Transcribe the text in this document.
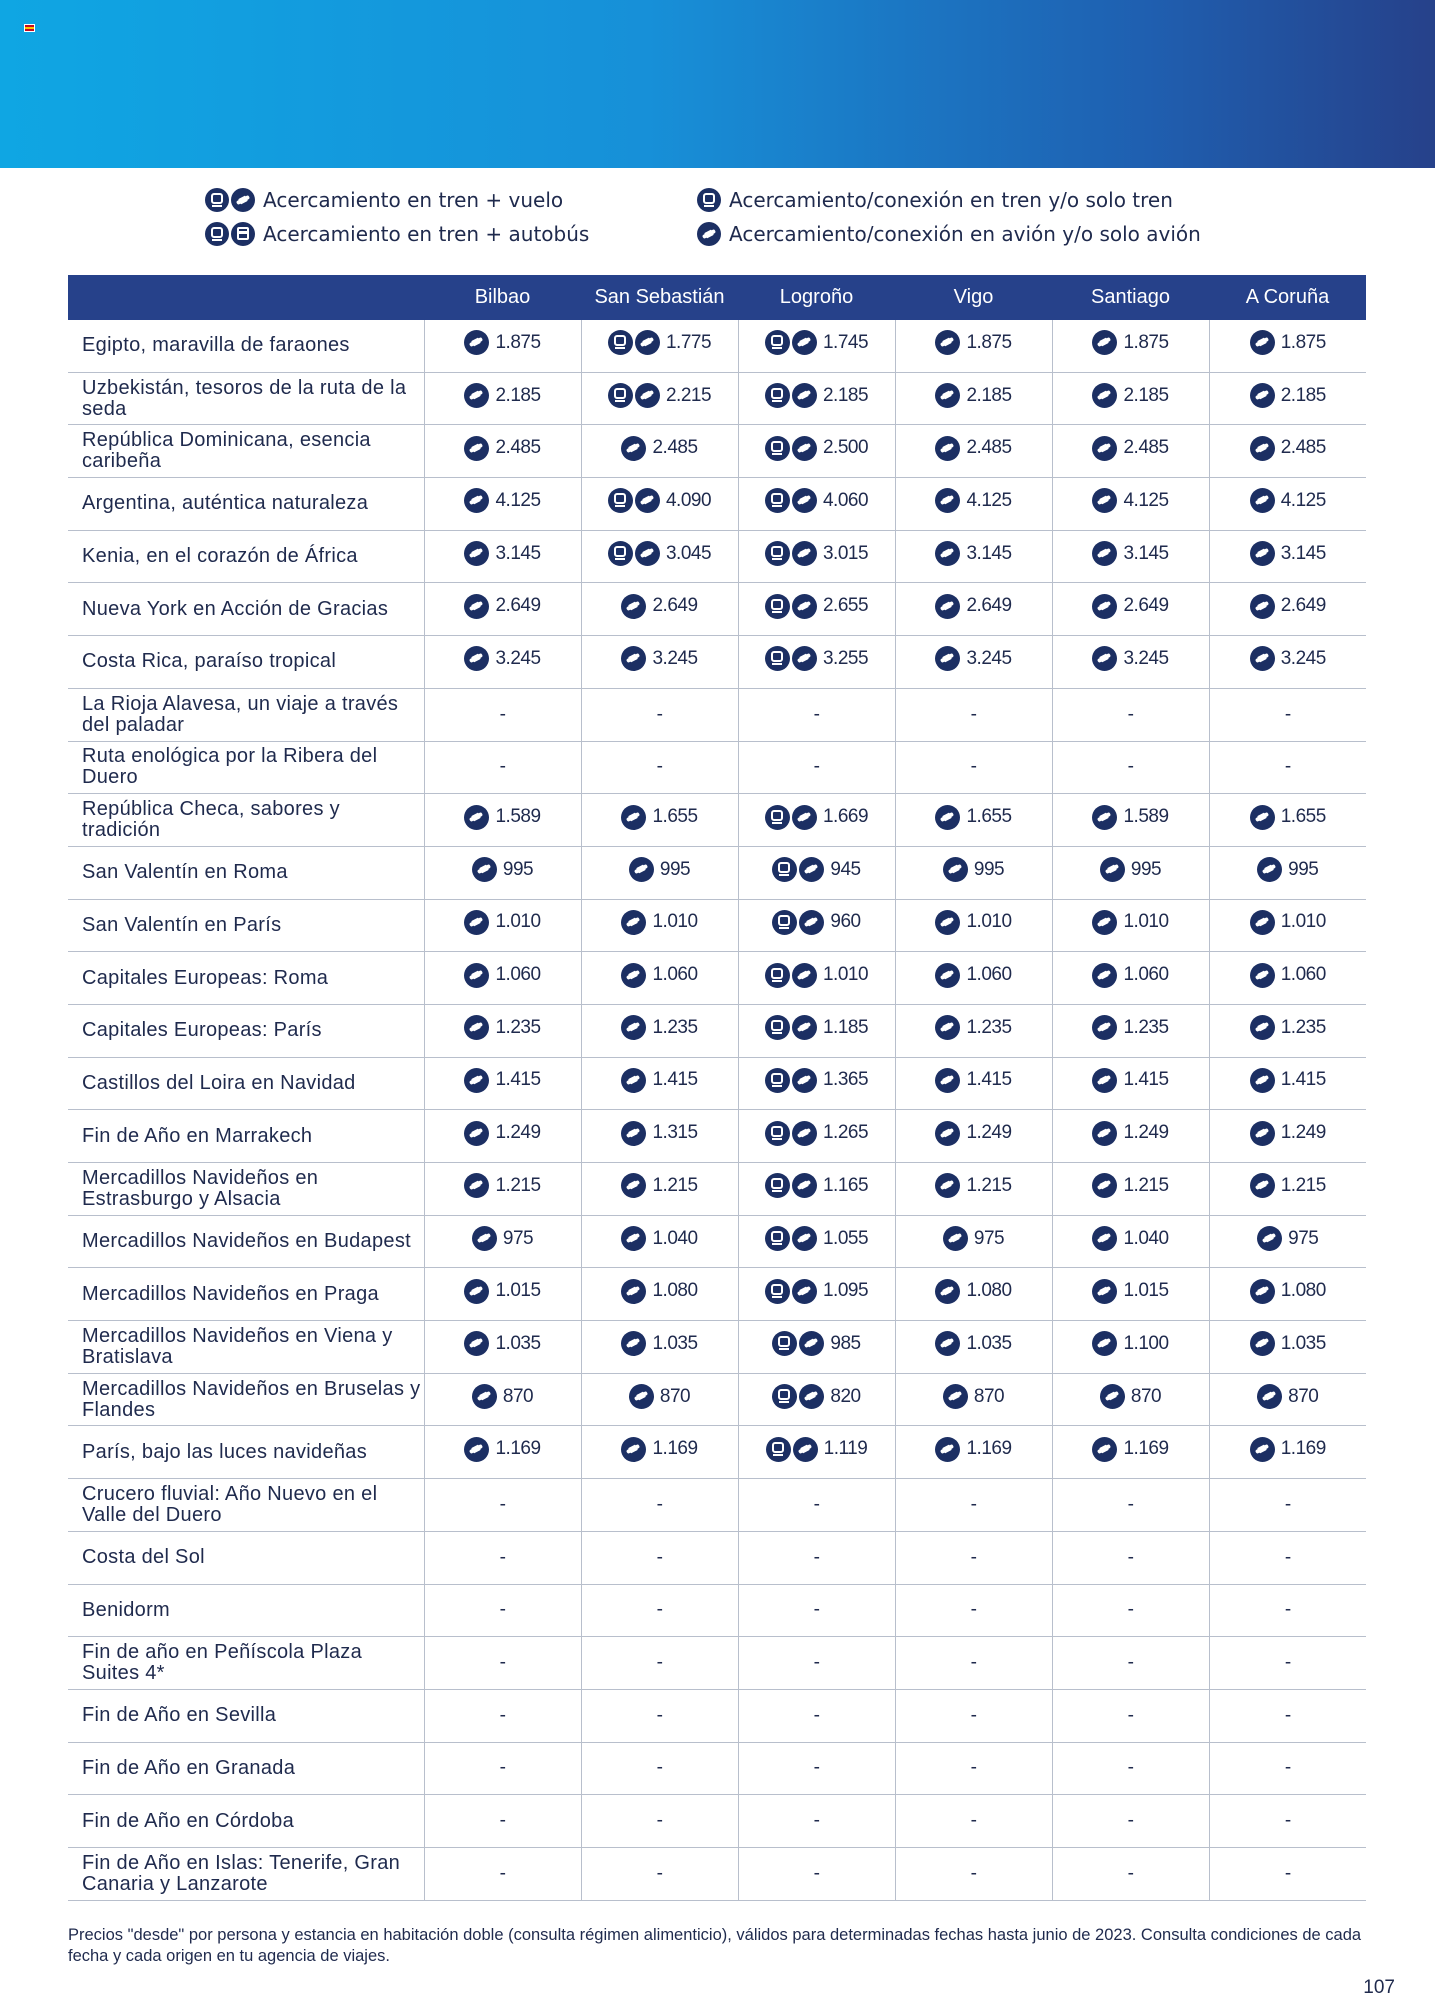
Acercamiento en tren + vuelo
Acercamiento en tren + autobús
Acercamiento/conexión en tren y/o solo tren
Acercamiento/conexión en avión y/o solo avión
	Bilbao	San Sebastián	Logroño	Vigo	Santiago	A Coruña
Egipto, maravilla de faraones	1.875	1.775	1.745	1.875	1.875	1.875

Uzbekistán, tesoros de la ruta de la seda	2.185	2.215	2.185	2.185	2.185	2.185

República Dominicana, esencia caribeña	2.485	2.485	2.500	2.485	2.485	2.485

Argentina, auténtica naturaleza	4.125	4.090	4.060	4.125	4.125	4.125

Kenia, en el corazón de África	3.145	3.045	3.015	3.145	3.145	3.145

Nueva York en Acción de Gracias	2.649	2.649	2.655	2.649	2.649	2.649

Costa Rica, paraíso tropical	3.245	3.245	3.255	3.245	3.245	3.245

La Rioja Alavesa, un viaje a través del paladar	-	-	-	-	-	-

Ruta enológica por la Ribera del Duero	-	-	-	-	-	-

República Checa, sabores y tradición	1.589	1.655	1.669	1.655	1.589	1.655

San Valentín en Roma	995	995	945	995	995	995

San Valentín en París	1.010	1.010	960	1.010	1.010	1.010

Capitales Europeas: Roma	1.060	1.060	1.010	1.060	1.060	1.060

Capitales Europeas: París	1.235	1.235	1.185	1.235	1.235	1.235

Castillos del Loira en Navidad	1.415	1.415	1.365	1.415	1.415	1.415

Fin de Año en Marrakech	1.249	1.315	1.265	1.249	1.249	1.249

Mercadillos Navideños en Estrasburgo y Alsacia	1.215	1.215	1.165	1.215	1.215	1.215

Mercadillos Navideños en Budapest	975	1.040	1.055	975	1.040	975

Mercadillos Navideños en Praga	1.015	1.080	1.095	1.080	1.015	1.080

Mercadillos Navideños en Viena y Bratislava	1.035	1.035	985	1.035	1.100	1.035

Mercadillos Navideños en Bruselas y Flandes	870	870	820	870	870	870

París, bajo las luces navideñas	1.169	1.169	1.119	1.169	1.169	1.169

Crucero fluvial: Año Nuevo en el Valle del Duero	-	-	-	-	-	-

Costa del Sol	-	-	-	-	-	-

Benidorm	-	-	-	-	-	-

Fin de año en Peñíscola Plaza Suites 4*	-	-	-	-	-	-

Fin de Año en Sevilla	-	-	-	-	-	-

Fin de Año en Granada	-	-	-	-	-	-

Fin de Año en Córdoba	-	-	-	-	-	-

Fin de Año en Islas: Tenerife, Gran Canaria y Lanzarote	-	-	-	-	-	-
Precios "desde" por persona y estancia en habitación doble (consulta régimen alimenticio), válidos para determinadas fechas hasta junio de 2023. Consulta condiciones de cada fecha y cada origen en tu agencia de viajes.
107
